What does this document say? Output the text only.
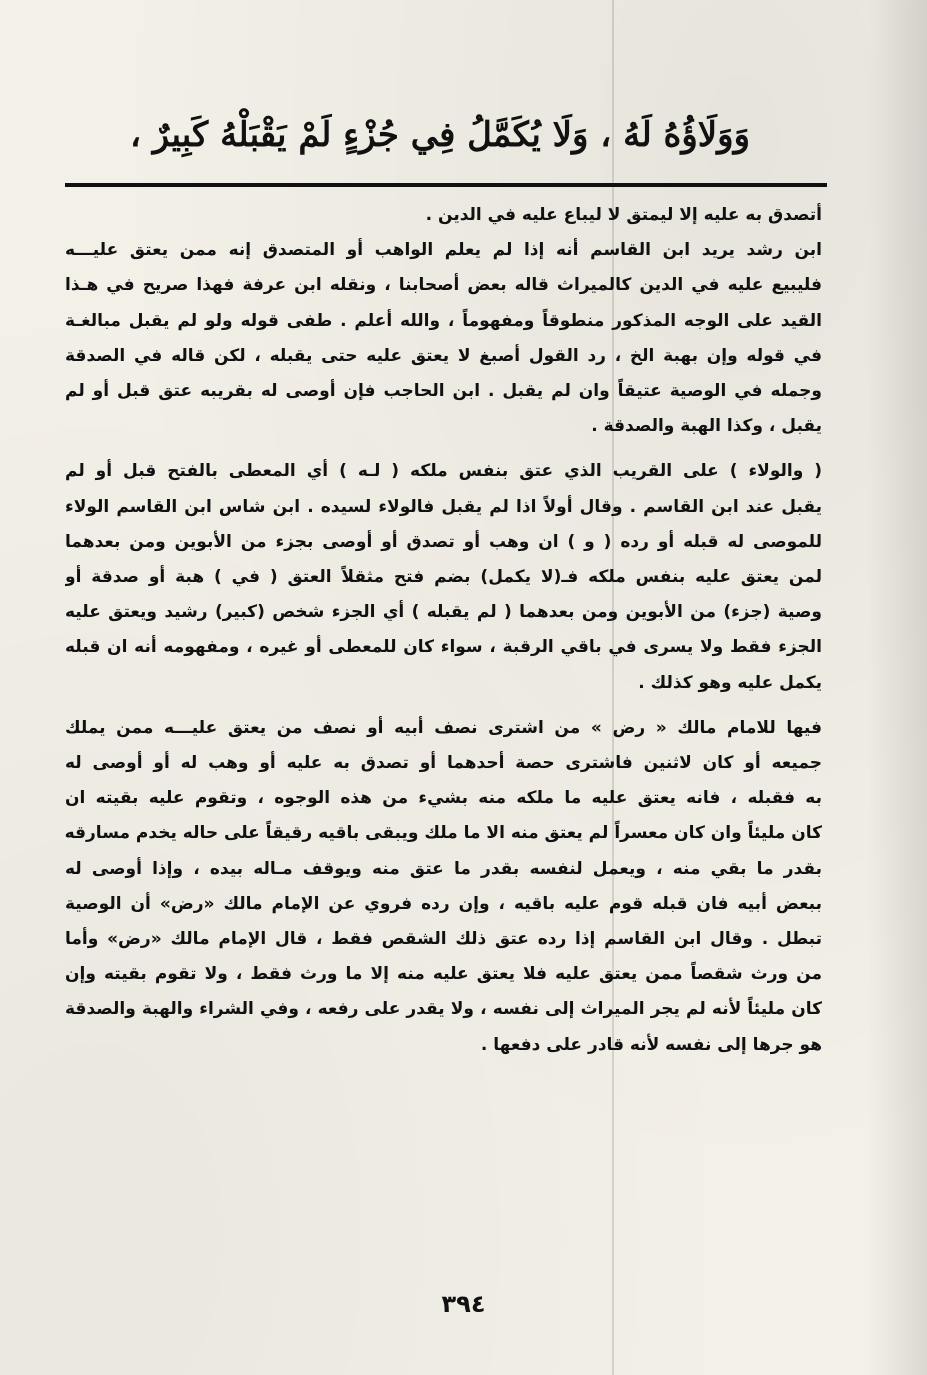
وَوَلَاؤُهُ لَهُ ، وَلَا يُكَمَّلُ فِي جُزْءٍ لَمْ يَقْبَلْهُ كَبِيرٌ ،
أتصدق به عليه إلا ليمتق لا ليباع عليه في الدين .
ابن رشد يريد ابن القاسم أنه إذا لم يعلم الواهب أو المتصدق إنه ممن يعتق عليـــه
فليبيع عليه في الدين كالميراث قاله بعض أصحابنا ، ونقله ابن عرفة فهذا صريح في هـذا
القيد على الوجه المذكور منطوقاً ومفهوماً ، والله أعلم . طفى قوله ولو لم يقبل مبالغـة
في قوله وإن بهبة الخ ، رد القول أصبغ لا يعتق عليه حتى يقبله ، لكن قاله في الصدقة
وجمله في الوصية عتيقاً وان لم يقبل . ابن الحاجب فإن أوصى له بقريبه عتق قبل أو لم
يقبل ، وكذا الهبة والصدقة .
( والولاء ) على القريب الذي عتق بنفس ملكه ( لـه ) أي المعطى بالفتح قبل أو لم
يقبل عند ابن القاسم . وقال أولاً اذا لم يقبل فالولاء لسيده . ابن شاس ابن القاسم الولاء
للموصى له قبله أو رده ( و ) ان وهب أو تصدق أو أوصى بجزء من الأبوين ومن بعدهما
لمن يعتق عليه بنفس ملكه فـ(لا يكمل) بضم فتح مثقلاً العتق ( في ) هبة أو صدقة أو
وصية (جزء) من الأبوين ومن بعدهما ( لم يقبله ) أي الجزء شخص (كبير) رشيد ويعتق عليه
الجزء فقط ولا يسرى في باقي الرقبة ، سواء كان للمعطى أو غيره ، ومفهومه أنه ان قبله
يكمل عليه وهو كذلك .
فيها للامام مالك « رض » من اشترى نصف أبيه أو نصف من يعتق عليـــه ممن يملك
جميعه أو كان لاثنين فاشترى حصة أحدهما أو تصدق به عليه أو وهب له أو أوصى له
به فقبله ، فانه يعتق عليه ما ملكه منه بشيء من هذه الوجوه ، وتقوم عليه بقيته ان
كان مليئاً وان كان معسراً لم يعتق منه الا ما ملك ويبقى باقيه رقيقاً على حاله يخدم مسارقه
بقدر ما بقي منه ، ويعمل لنفسه بقدر ما عتق منه ويوقف مـاله بيده ، وإذا أوصى له
ببعض أبيه فان قبله قوم عليه باقيه ، وإن رده فروي عن الإمام مالك «رض» أن الوصية
تبطل . وقال ابن القاسم إذا رده عتق ذلك الشقص فقط ، قال الإمام مالك «رض» وأما
من ورث شقصاً ممن يعتق عليه فلا يعتق عليه منه إلا ما ورث فقط ، ولا تقوم بقيته وإن
كان مليئاً لأنه لم يجر الميراث إلى نفسه ، ولا يقدر على رفعه ، وفي الشراء والهبة والصدقة
هو جرها إلى نفسه لأنه قادر على دفعها .
٣٩٤
